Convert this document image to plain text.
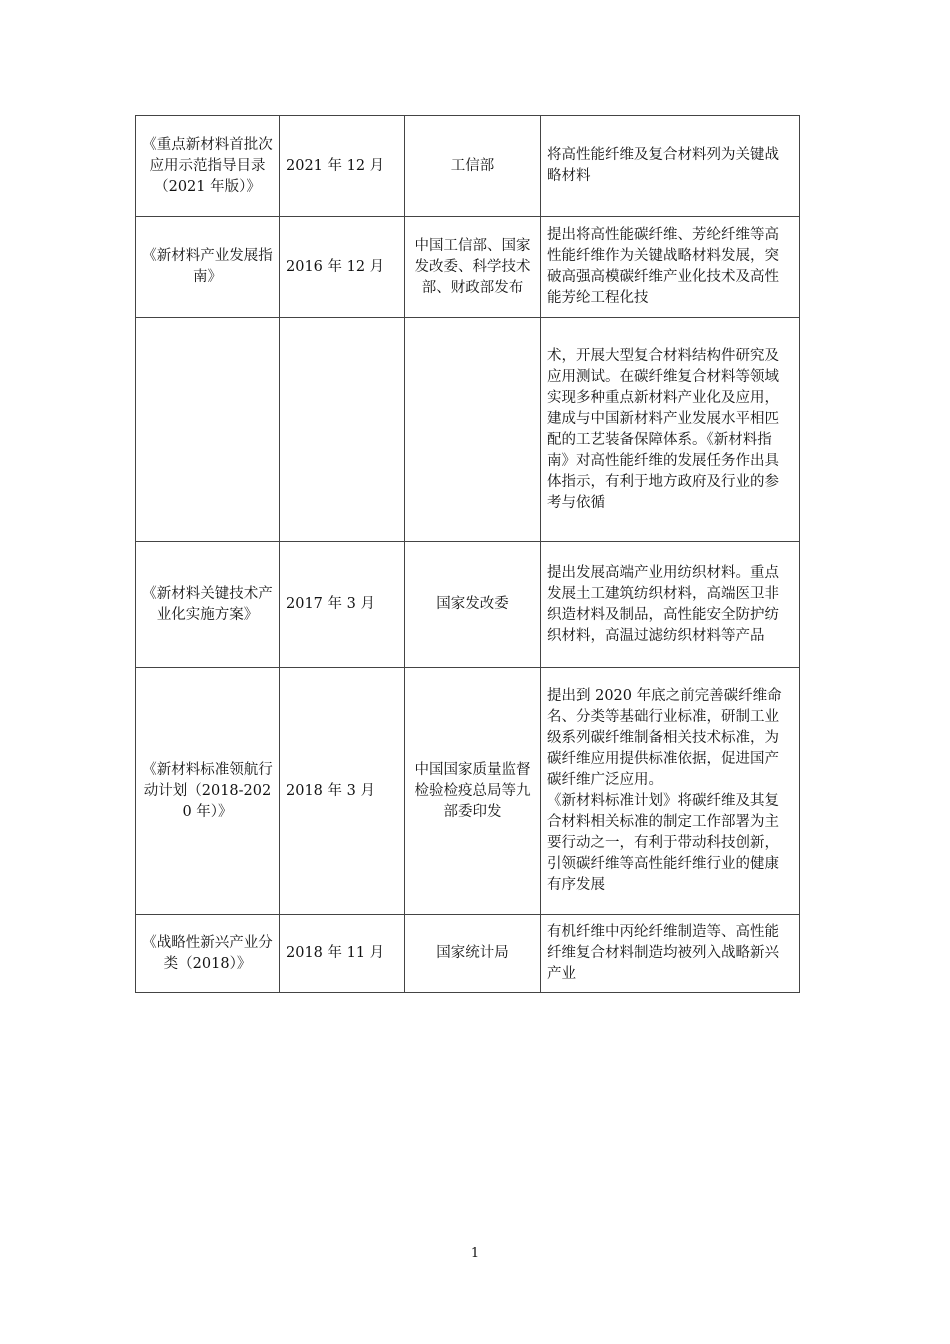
《重点新材料首批次应用示范指导目录（2021 年版）》	2021 年 12 月	工信部	将高性能纤维及复合材料列为关键战略材料

《新材料产业发展指南》	2016 年 12 月	中国工信部、国家发改委、科学技术部、财政部发布	提出将高性能碳纤维、芳纶纤维等高性能纤维作为关键战略材料发展，突破高强高模碳纤维产业化技术及高性能芳纶工程化技

			术，开展大型复合材料结构件研究及应用测试。在碳纤维复合材料等领域实现多种重点新材料产业化及应用，建成与中国新材料产业发展水平相匹配的工艺装备保障体系。《新材料指南》对高性能纤维的发展任务作出具体指示，有利于地方政府及行业的参考与依循

《新材料关键技术产业化实施方案》	2017 年 3 月	国家发改委	提出发展高端产业用纺织材料。重点发展土工建筑纺织材料，高端医卫非织造材料及制品，高性能安全防护纺织材料，高温过滤纺织材料等产品

《新材料标准领航行动计划（2018-2020 年）》	2018 年 3 月	中国国家质量监督检验检疫总局等九部委印发	提出到 2020 年底之前完善碳纤维命名、分类等基础行业标准，研制工业级系列碳纤维制备相关技术标准，为碳纤维应用提供标准依据，促进国产碳纤维广泛应用。
《新材料标准计划》将碳纤维及其复合材料相关标准的制定工作部署为主要行动之一，有利于带动科技创新，引领碳纤维等高性能纤维行业的健康有序发展

《战略性新兴产业分类（2018）》	2018 年 11 月	国家统计局	有机纤维中丙纶纤维制造等、高性能纤维复合材料制造均被列入战略新兴产业
1
